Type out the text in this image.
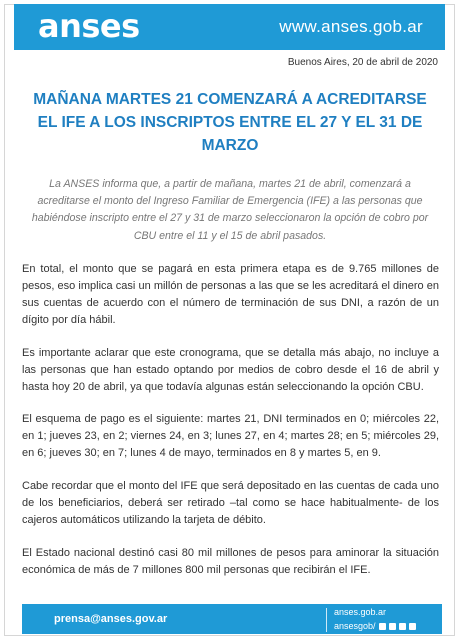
anses	www.anses.gob.ar
Buenos Aires, 20 de abril de 2020
MAÑANA MARTES 21 COMENZARÁ A ACREDITARSE
EL IFE A LOS INSCRIPTOS ENTRE EL 27 Y EL 31 DE
MARZO

La ANSES informa que, a partir de mañana, martes 21 de abril, comenzará a
acreditarse el monto del Ingreso Familiar de Emergencia (IFE) a las personas que
habiéndose inscripto entre el 27 y 31 de marzo seleccionaron la opción de cobro por
CBU entre el 11 y el 15 de abril pasados.

En total, el monto que se pagará en esta primera etapa es de 9.765 millones de pesos, eso implica casi un millón de personas a las que se les acreditará el dinero en sus cuentas de acuerdo con el número de terminación de sus DNI, a razón de un dígito por día hábil.

Es importante aclarar que este cronograma, que se detalla más abajo, no incluye a las personas que han estado optando por medios de cobro desde el 16 de abril y hasta hoy 20 de abril, ya que todavía algunas están seleccionando la opción CBU.

El esquema de pago es el siguiente: martes 21, DNI terminados en 0; miércoles 22, en 1; jueves 23, en 2; viernes 24, en 3; lunes 27, en 4; martes 28; en 5; miércoles 29, en 6; jueves 30; en 7; lunes 4 de mayo, terminados en 8 y martes 5, en 9.

Cabe recordar que el monto del IFE que será depositado en las cuentas de cada uno de los beneficiarios, deberá ser retirado –tal como se hace habitualmente- de los cajeros automáticos utilizando la tarjeta de débito.

El Estado nacional destinó casi 80 mil millones de pesos para aminorar la situación económica de más de 7 millones 800 mil personas que recibirán el IFE.

prensa@anses.gov.ar
anses.gob.ar
ansesgob/
